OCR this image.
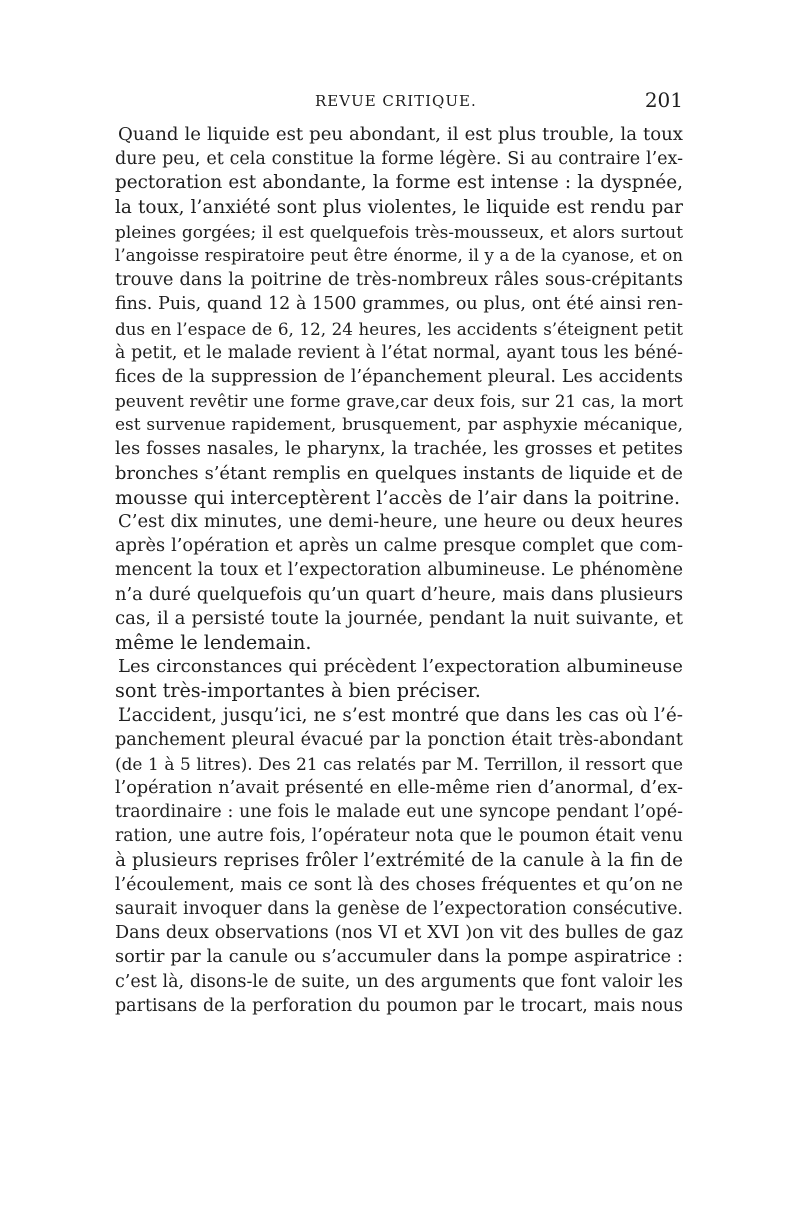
REVUE CRITIQUE.	201
Quand le liquide est peu abondant, il est plus trouble, la toux
dure peu, et cela constitue la forme légère. Si au contraire l’ex-
pectoration est abondante, la forme est intense : la dyspnée,
la toux, l’anxiété sont plus violentes, le liquide est rendu par
pleines gorgées; il est quelquefois très-mousseux, et alors surtout
l’angoisse respiratoire peut être énorme, il y a de la cyanose, et on
trouve dans la poitrine de très-nombreux râles sous-crépitants
fins. Puis, quand 12 à 1500 grammes, ou plus, ont été ainsi ren-
dus en l’espace de 6, 12, 24 heures, les accidents s’éteignent petit
à petit, et le malade revient à l’état normal, ayant tous les béné-
fices de la suppression de l’épanchement pleural. Les accidents
peuvent revêtir une forme grave,car deux fois, sur 21 cas, la mort
est survenue rapidement, brusquement, par asphyxie mécanique,
les fosses nasales, le pharynx, la trachée, les grosses et petites
bronches s’étant remplis en quelques instants de liquide et de
mousse qui interceptèrent l’accès de l’air dans la poitrine.
C’est dix minutes, une demi-heure, une heure ou deux heures
après l’opération et après un calme presque complet que com-
mencent la toux et l’expectoration albumineuse. Le phénomène
n’a duré quelquefois qu’un quart d’heure, mais dans plusieurs
cas, il a persisté toute la journée, pendant la nuit suivante, et
même le lendemain.
Les circonstances qui précèdent l’expectoration albumineuse
sont très-importantes à bien préciser.
L’accident, jusqu’ici, ne s’est montré que dans les cas où l’é-
panchement pleural évacué par la ponction était très-abondant
(de 1 à 5 litres). Des 21 cas relatés par M. Terrillon, il ressort que
l’opération n’avait présenté en elle-même rien d’anormal, d’ex-
traordinaire : une fois le malade eut une syncope pendant l’opé-
ration, une autre fois, l’opérateur nota que le poumon était venu
à plusieurs reprises frôler l’extrémité de la canule à la fin de
l’écoulement, mais ce sont là des choses fréquentes et qu’on ne
saurait invoquer dans la genèse de l’expectoration consécutive.
Dans deux observations (nos VI et XVI )on vit des bulles de gaz
sortir par la canule ou s’accumuler dans la pompe aspiratrice :
c’est là, disons-le de suite, un des arguments que font valoir les
partisans de la perforation du poumon par le trocart, mais nous
